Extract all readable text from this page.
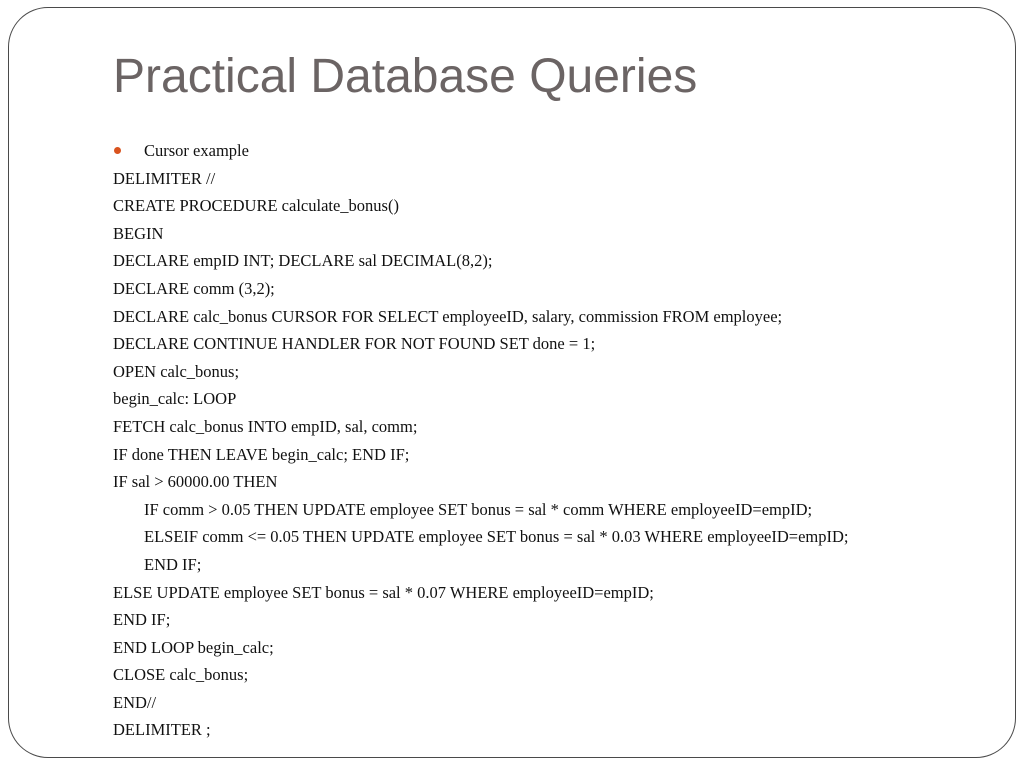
Practical Database Queries
Cursor example
DELIMITER //
CREATE PROCEDURE calculate_bonus()
BEGIN
DECLARE empID INT; DECLARE sal DECIMAL(8,2);
DECLARE comm (3,2);
DECLARE calc_bonus CURSOR FOR SELECT employeeID, salary, commission FROM employee;
DECLARE CONTINUE HANDLER FOR NOT FOUND SET done = 1;
OPEN calc_bonus;
begin_calc: LOOP
FETCH calc_bonus INTO empID, sal, comm;
IF done THEN LEAVE begin_calc; END IF;
IF sal > 60000.00 THEN
IF comm > 0.05 THEN UPDATE employee SET bonus = sal * comm WHERE employeeID=empID;
ELSEIF comm <= 0.05 THEN UPDATE employee SET bonus = sal * 0.03 WHERE employeeID=empID;
END IF;
ELSE UPDATE employee SET bonus = sal * 0.07 WHERE employeeID=empID;
END IF;
END LOOP begin_calc;
CLOSE calc_bonus;
END//
DELIMITER ;
